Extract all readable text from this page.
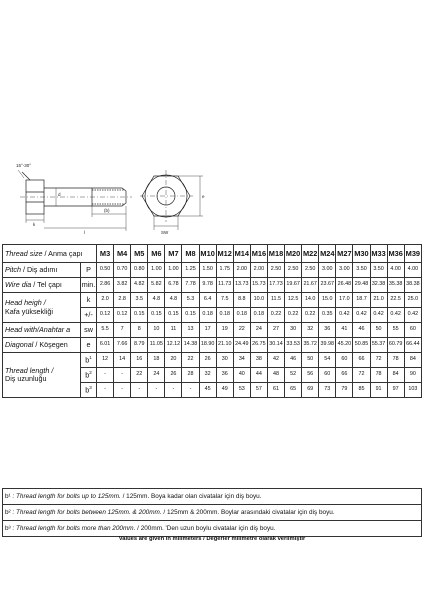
15°-30°
k
d
l
(b)
e
SW
Thread size / Anma çapı		M3	M4	M5	M6	M7	M8	M10	M12	M14	M16	M18	M20	M22	M24	M27	M30	M33	M36	M39
Pitch / Diş adımı	P	0.50	0.70	0.80	1.00	1.00	1.25	1.50	1.75	2.00	2.00	2.50	2.50	2.50	3.00	3.00	3.50	3.50	4.00	4.00
Wire dia / Tel çapı	min.	2.86	3.82	4.82	5.82	6.78	7.78	9.78	11.73	13.73	15.73	17.73	19.67	21.67	23.67	26.48	29.48	32.38	35.38	38.38
Head heigh /
Kafa yüksekliği	k	2.0	2.8	3.5	4.8	4.8	5.3	6.4	7.5	8.8	10.0	11.5	12.5	14.0	15.0	17.0	18.7	21.0	22.5	25.0
	+/-	0.12	0.12	0.15	0.15	0.15	0.15	0.18	0.18	0.18	0.18	0.22	0.22	0.22	0.35	0.42	0.42	0.42	0.42	0.42
Head with/Anahtar a	sw	5.5	7	8	10	11	13	17	19	22	24	27	30	32	36	41	46	50	55	60
Diagonal / Köşegen	e	6.01	7.66	8.79	11.05	12.12	14.38	18.90	21.10	24.49	26.75	30.14	33.53	35.72	39.98	45.20	50.85	55.37	60.79	66.44
Thread length /
Diş uzunluğu	$b^1$	12	14	16	18	20	22	26	30	34	38	42	46	50	54	60	66	72	78	84
	$b^2$	-	-	22	24	26	28	32	36	40	44	48	52	56	60	66	72	78	84	90
	$b^3$	-	-	-	-	-	-	45	49	53	57	61	65	69	73	79	85	91	97	103
b¹ : Thread length for bolts up to 125mm. / 125mm. Boya kadar olan civatalar için diş boyu.
b² : Thread length for bolts between 125mm. & 200mm. / 125mm & 200mm. Boylar arasındaki civatalar için diş boyu.
b³ : Thread length for bolts more than 200mm. / 200mm. 'Den uzun boylu civatalar için diş boyu.
Values are given in milimeters / Değerler milimetre olarak verilmiştir
